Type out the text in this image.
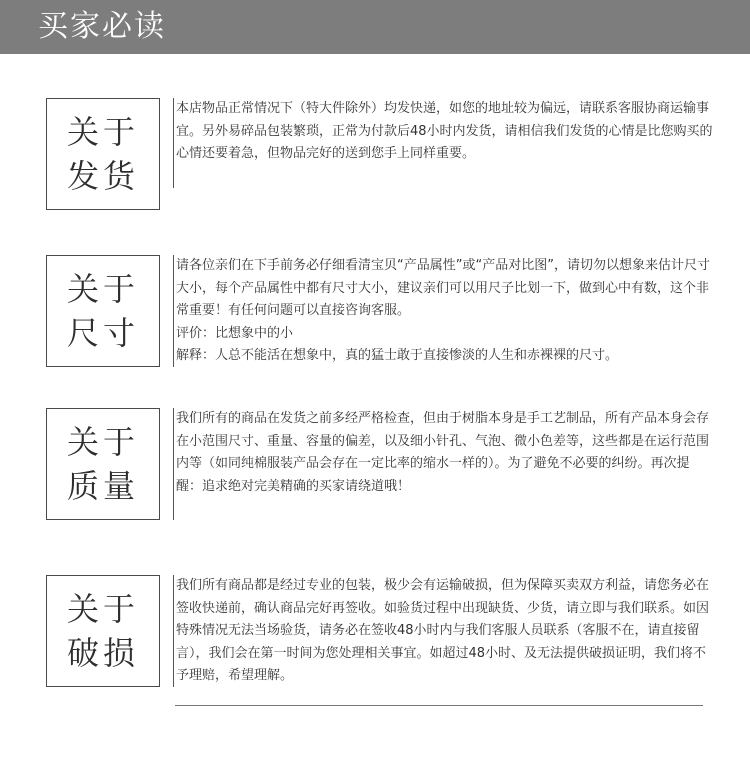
买家必读
关于
发货

本店物品正常情况下（特大件除外）均发快递，如您的地址较为偏远，请联系客服协商运输事宜。另外易碎品包装繁琐，正常为付款后48小时内发货，请相信我们发货的心情是比您购买的心情还要着急，但物品完好的送到您手上同样重要。

关于
尺寸

请各位亲们在下手前务必仔细看清宝贝“产品属性”或“产品对比图”，请切勿以想象来估计尺寸大小，每个产品属性中都有尺寸大小，建议亲们可以用尺子比划一下，做到心中有数，这个非常重要！有任何问题可以直接咨询客服。

评价：比想象中的小

解释：人总不能活在想象中，真的猛士敢于直接惨淡的人生和赤裸裸的尺寸。

关于
质量

我们所有的商品在发货之前多经严格检查，但由于树脂本身是手工艺制品，所有产品本身会存在小范围尺寸、重量、容量的偏差，以及细小针孔、气泡、微小色差等，这些都是在运行范围内等（如同纯棉服装产品会存在一定比率的缩水一样的）。为了避免不必要的纠纷。再次提醒：追求绝对完美精确的买家请绕道哦！

关于
破损

我们所有商品都是经过专业的包装，极少会有运输破损，但为保障买卖双方利益，请您务必在签收快递前，确认商品完好再签收。如验货过程中出现缺货、少货，请立即与我们联系。如因特殊情况无法当场验货，请务必在签收48小时内与我们客服人员联系（客服不在，请直接留言），我们会在第一时间为您处理相关事宜。如超过48小时、及无法提供破损证明，我们将不予理赔，希望理解。
